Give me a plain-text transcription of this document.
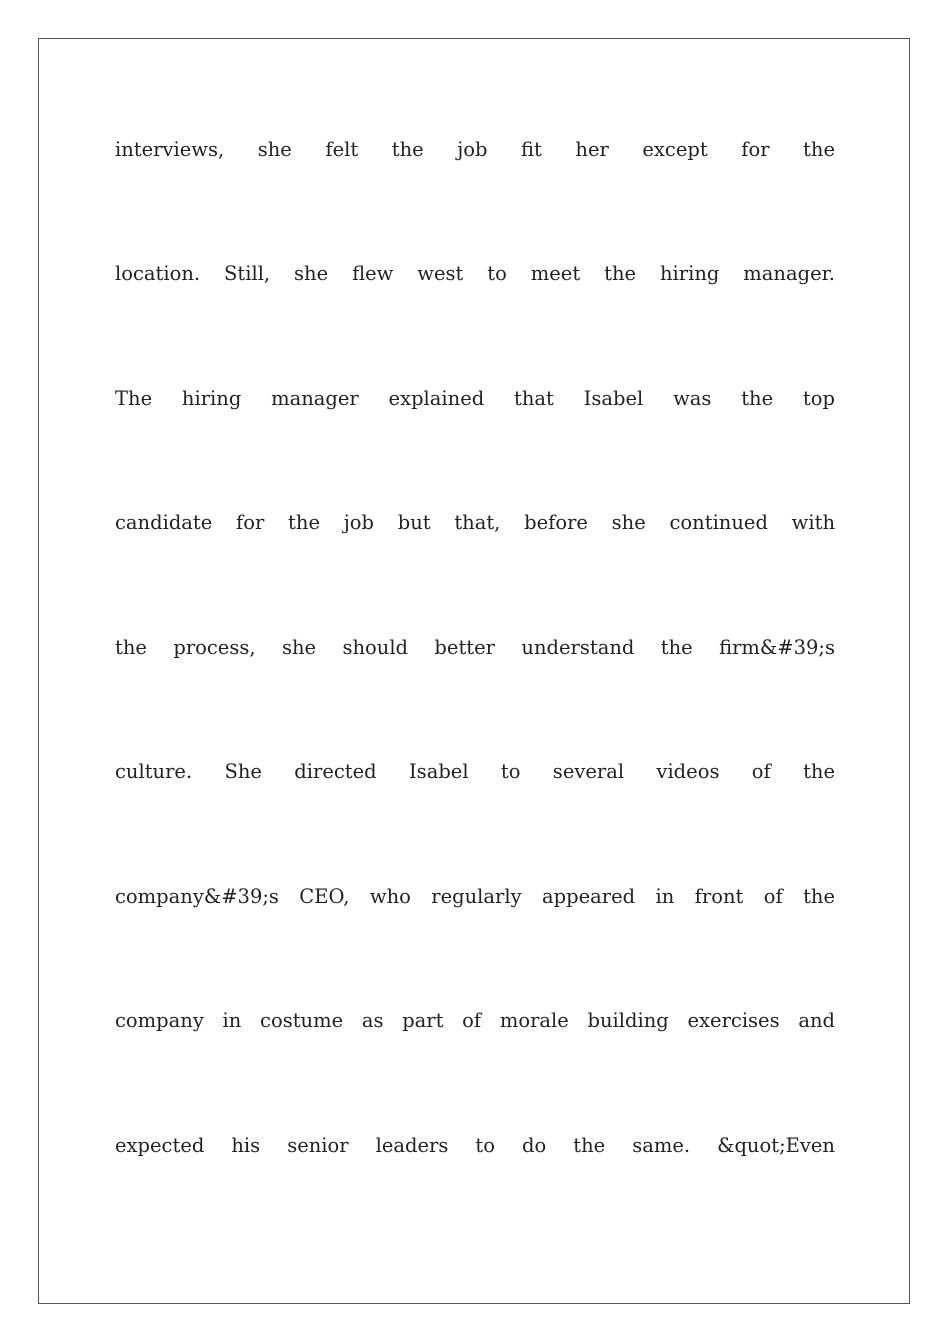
interviews, she felt the job fit her except for the
location. Still, she flew west to meet the hiring manager.
The hiring manager explained that Isabel was the top
candidate for the job but that, before she continued with
the process, she should better understand the firm&#39;s
culture. She directed Isabel to several videos of the
company&#39;s CEO, who regularly appeared in front of the
company in costume as part of morale building exercises and
expected his senior leaders to do the same. &quot;Even
